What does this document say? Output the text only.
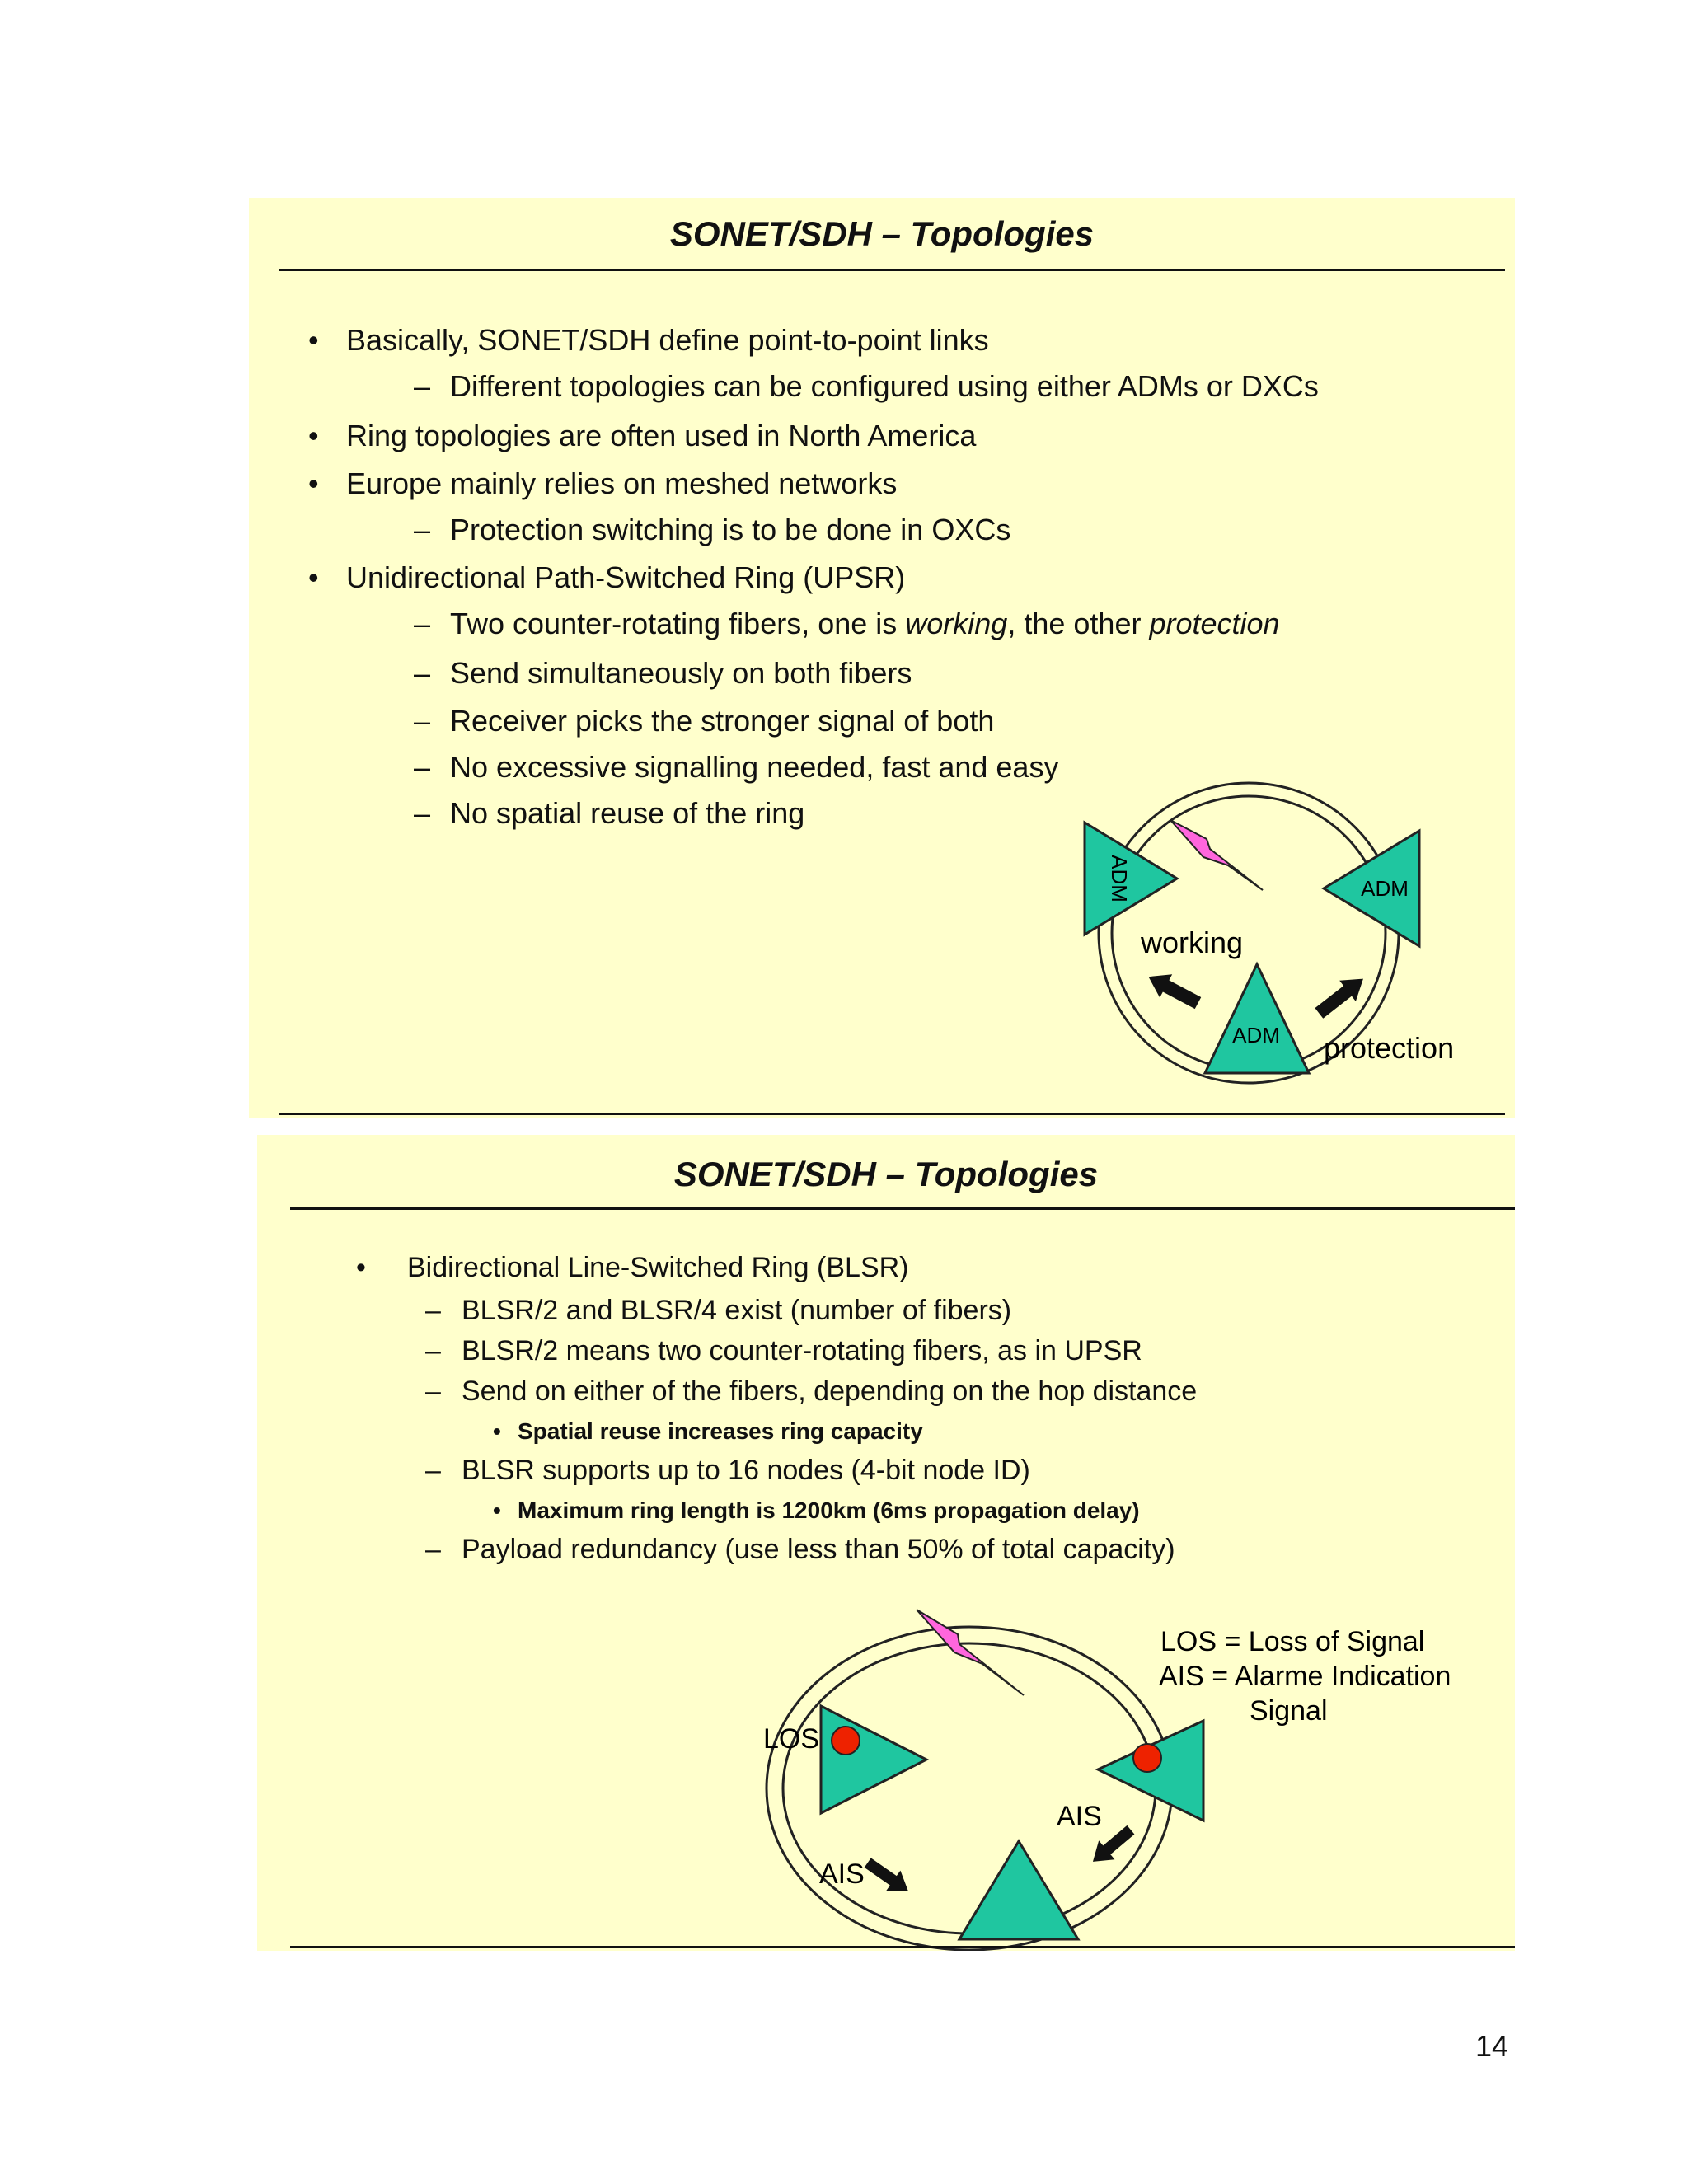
SONET/SDH – Topologies
• Basically, SONET/SDH define point-to-point links
– Different topologies can be configured using either ADMs or DXCs
• Ring topologies are often used in North America
• Europe mainly relies on meshed networks
– Protection switching is to be done in OXCs
• Unidirectional Path-Switched Ring (UPSR)
– Two counter-rotating fibers, one is working, the other protection
– Send simultaneously on both fibers
– Receiver picks the stronger signal of both
– No excessive signalling needed, fast and easy
– No spatial reuse of the ring
ADM	ADM
ADM
working
protection
SONET/SDH – Topologies
• Bidirectional Line-Switched Ring (BLSR)
– BLSR/2 and BLSR/4 exist (number of fibers)
– BLSR/2 means two counter-rotating fibers, as in UPSR
– Send on either of the fibers, depending on the hop distance
• Spatial reuse increases ring capacity
– BLSR supports up to 16 nodes (4-bit node ID)
• Maximum ring length is 1200km (6ms propagation delay)
– Payload redundancy (use less than 50% of total capacity)
LOS
AIS
AIS
LOS = Loss of Signal
AIS = Alarme Indication
Signal
14
